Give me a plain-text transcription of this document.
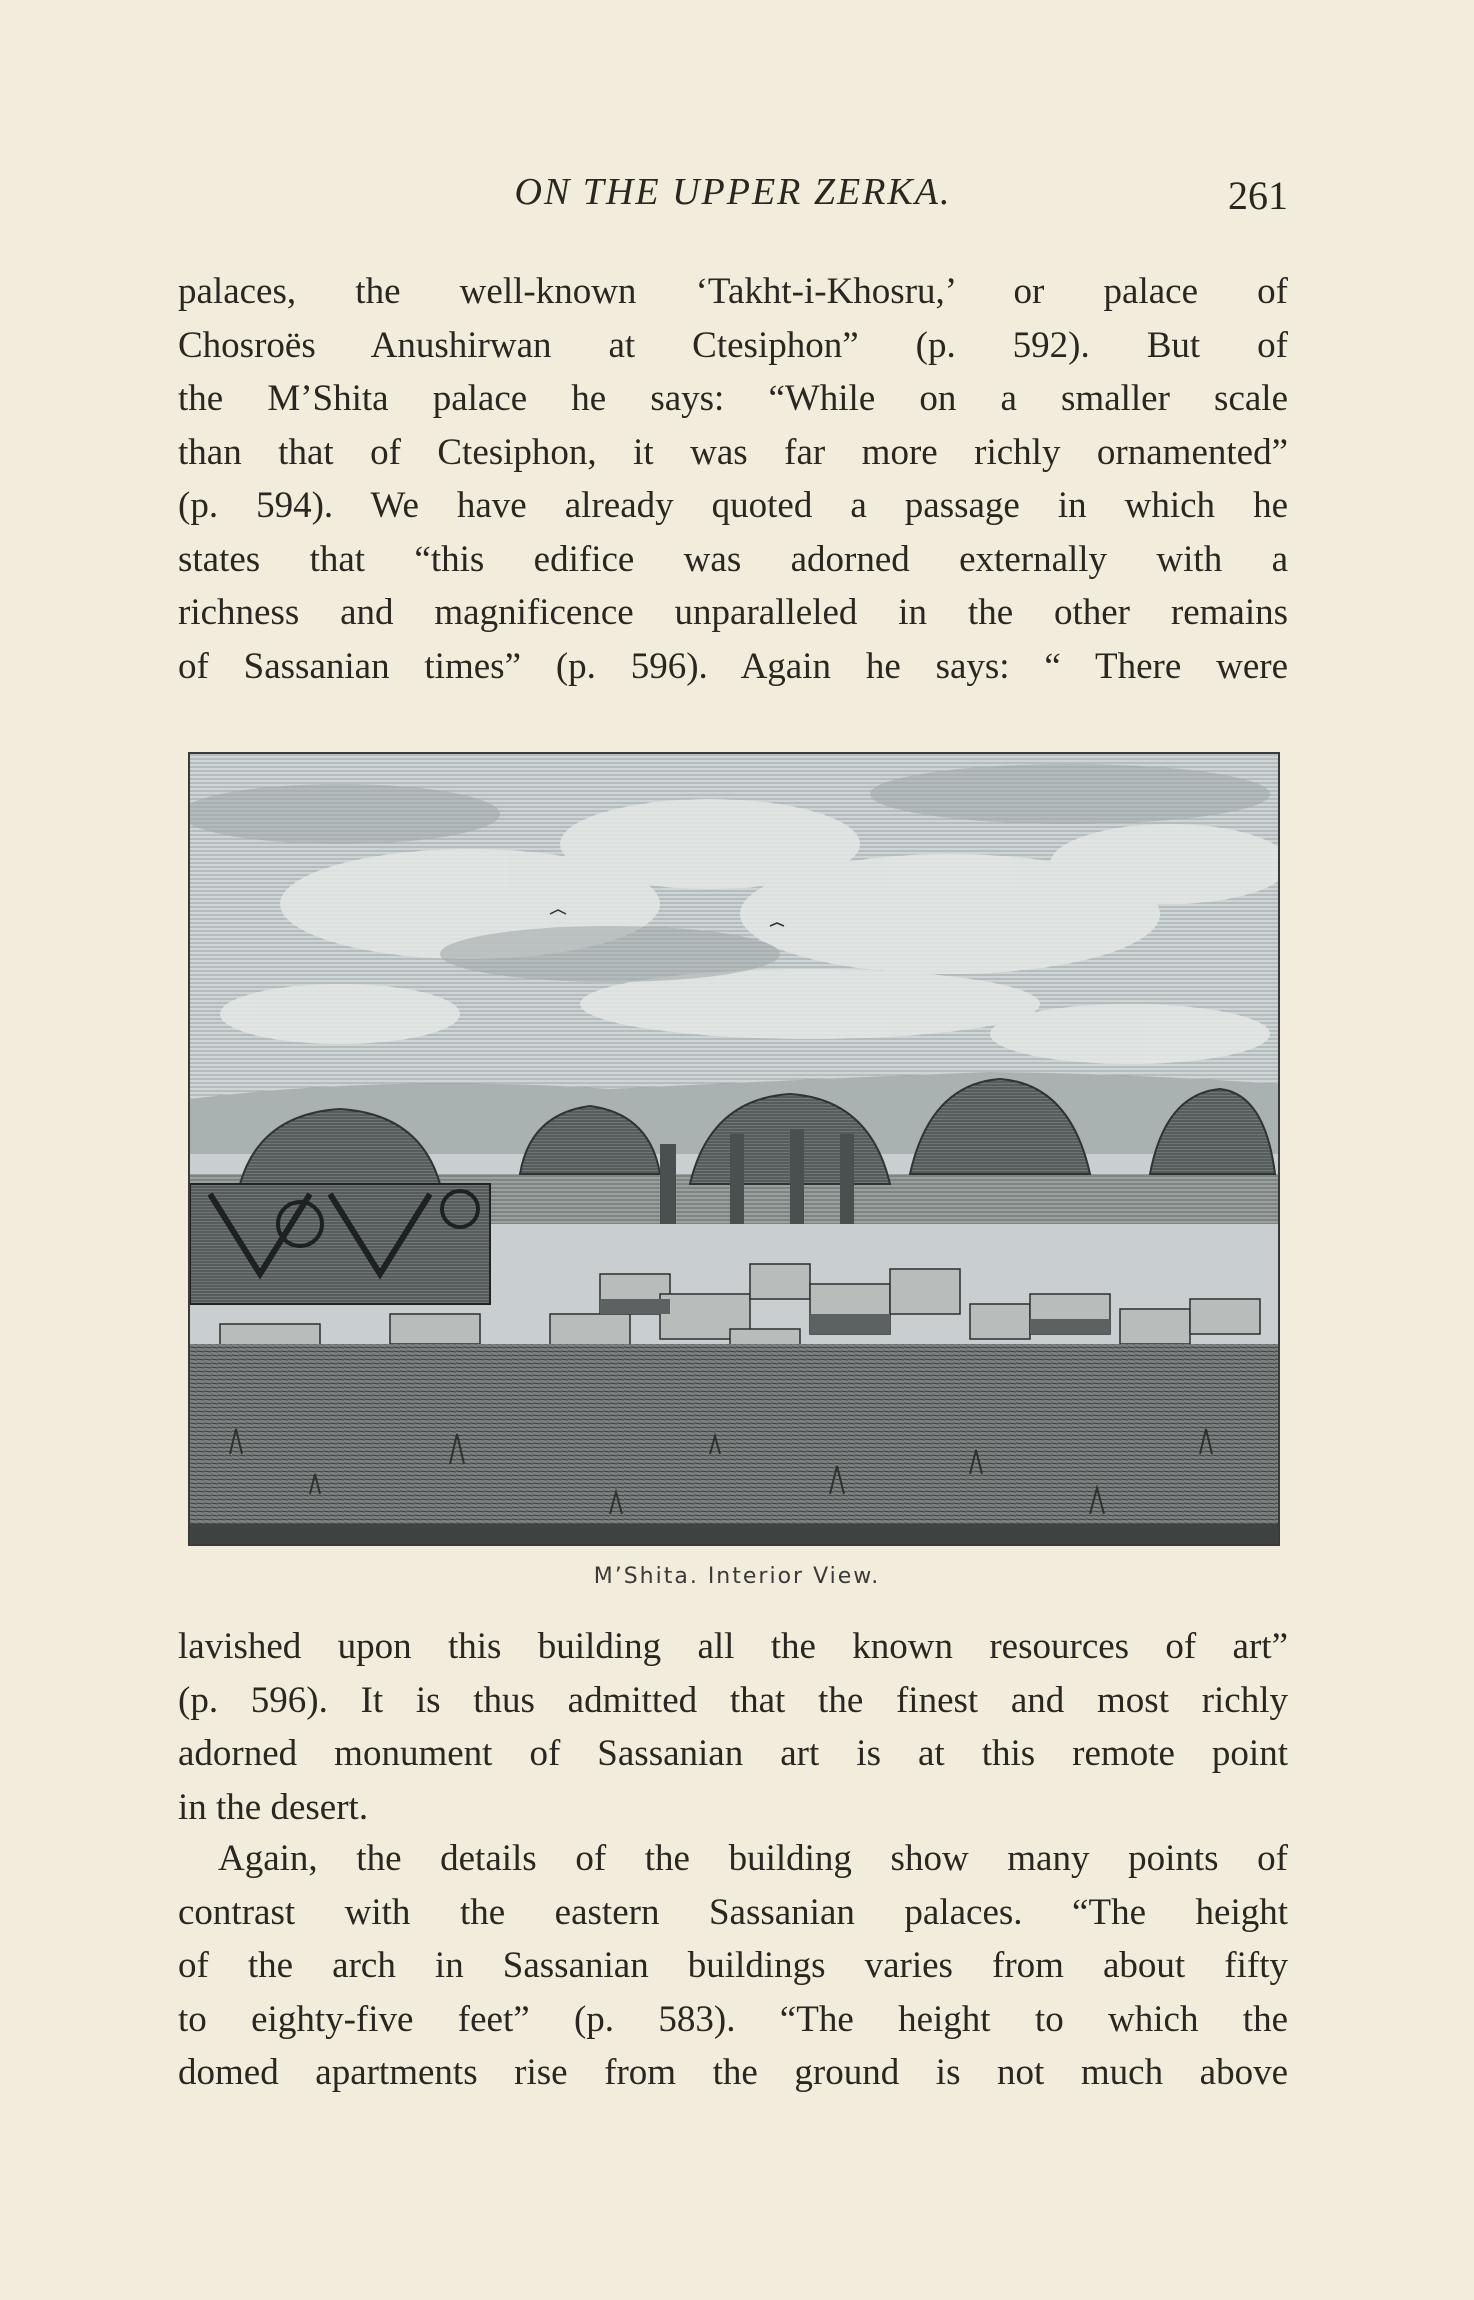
ON THE UPPER ZERKA.	261
palaces, the well-known ‘Takht-i-Khosru,’ or palace of
Chosroës Anushirwan at Ctesiphon” (p. 592). But of
the M’Shita palace he says: “While on a smaller scale
than that of Ctesiphon, it was far more richly ornamented”
(p. 594). We have already quoted a passage in which he
states that “this edifice was adorned externally with a
richness and magnificence unparalleled in the other remains
of Sassanian times” (p. 596). Again he says: “ There were
M’Shita. Interior View.
lavished upon this building all the known resources of art”
(p. 596). It is thus admitted that the finest and most richly
adorned monument of Sassanian art is at this remote point
in the desert.
Again, the details of the building show many points of
contrast with the eastern Sassanian palaces. “The height
of the arch in Sassanian buildings varies from about fifty
to eighty-five feet” (p. 583). “The height to which the
domed apartments rise from the ground is not much above
